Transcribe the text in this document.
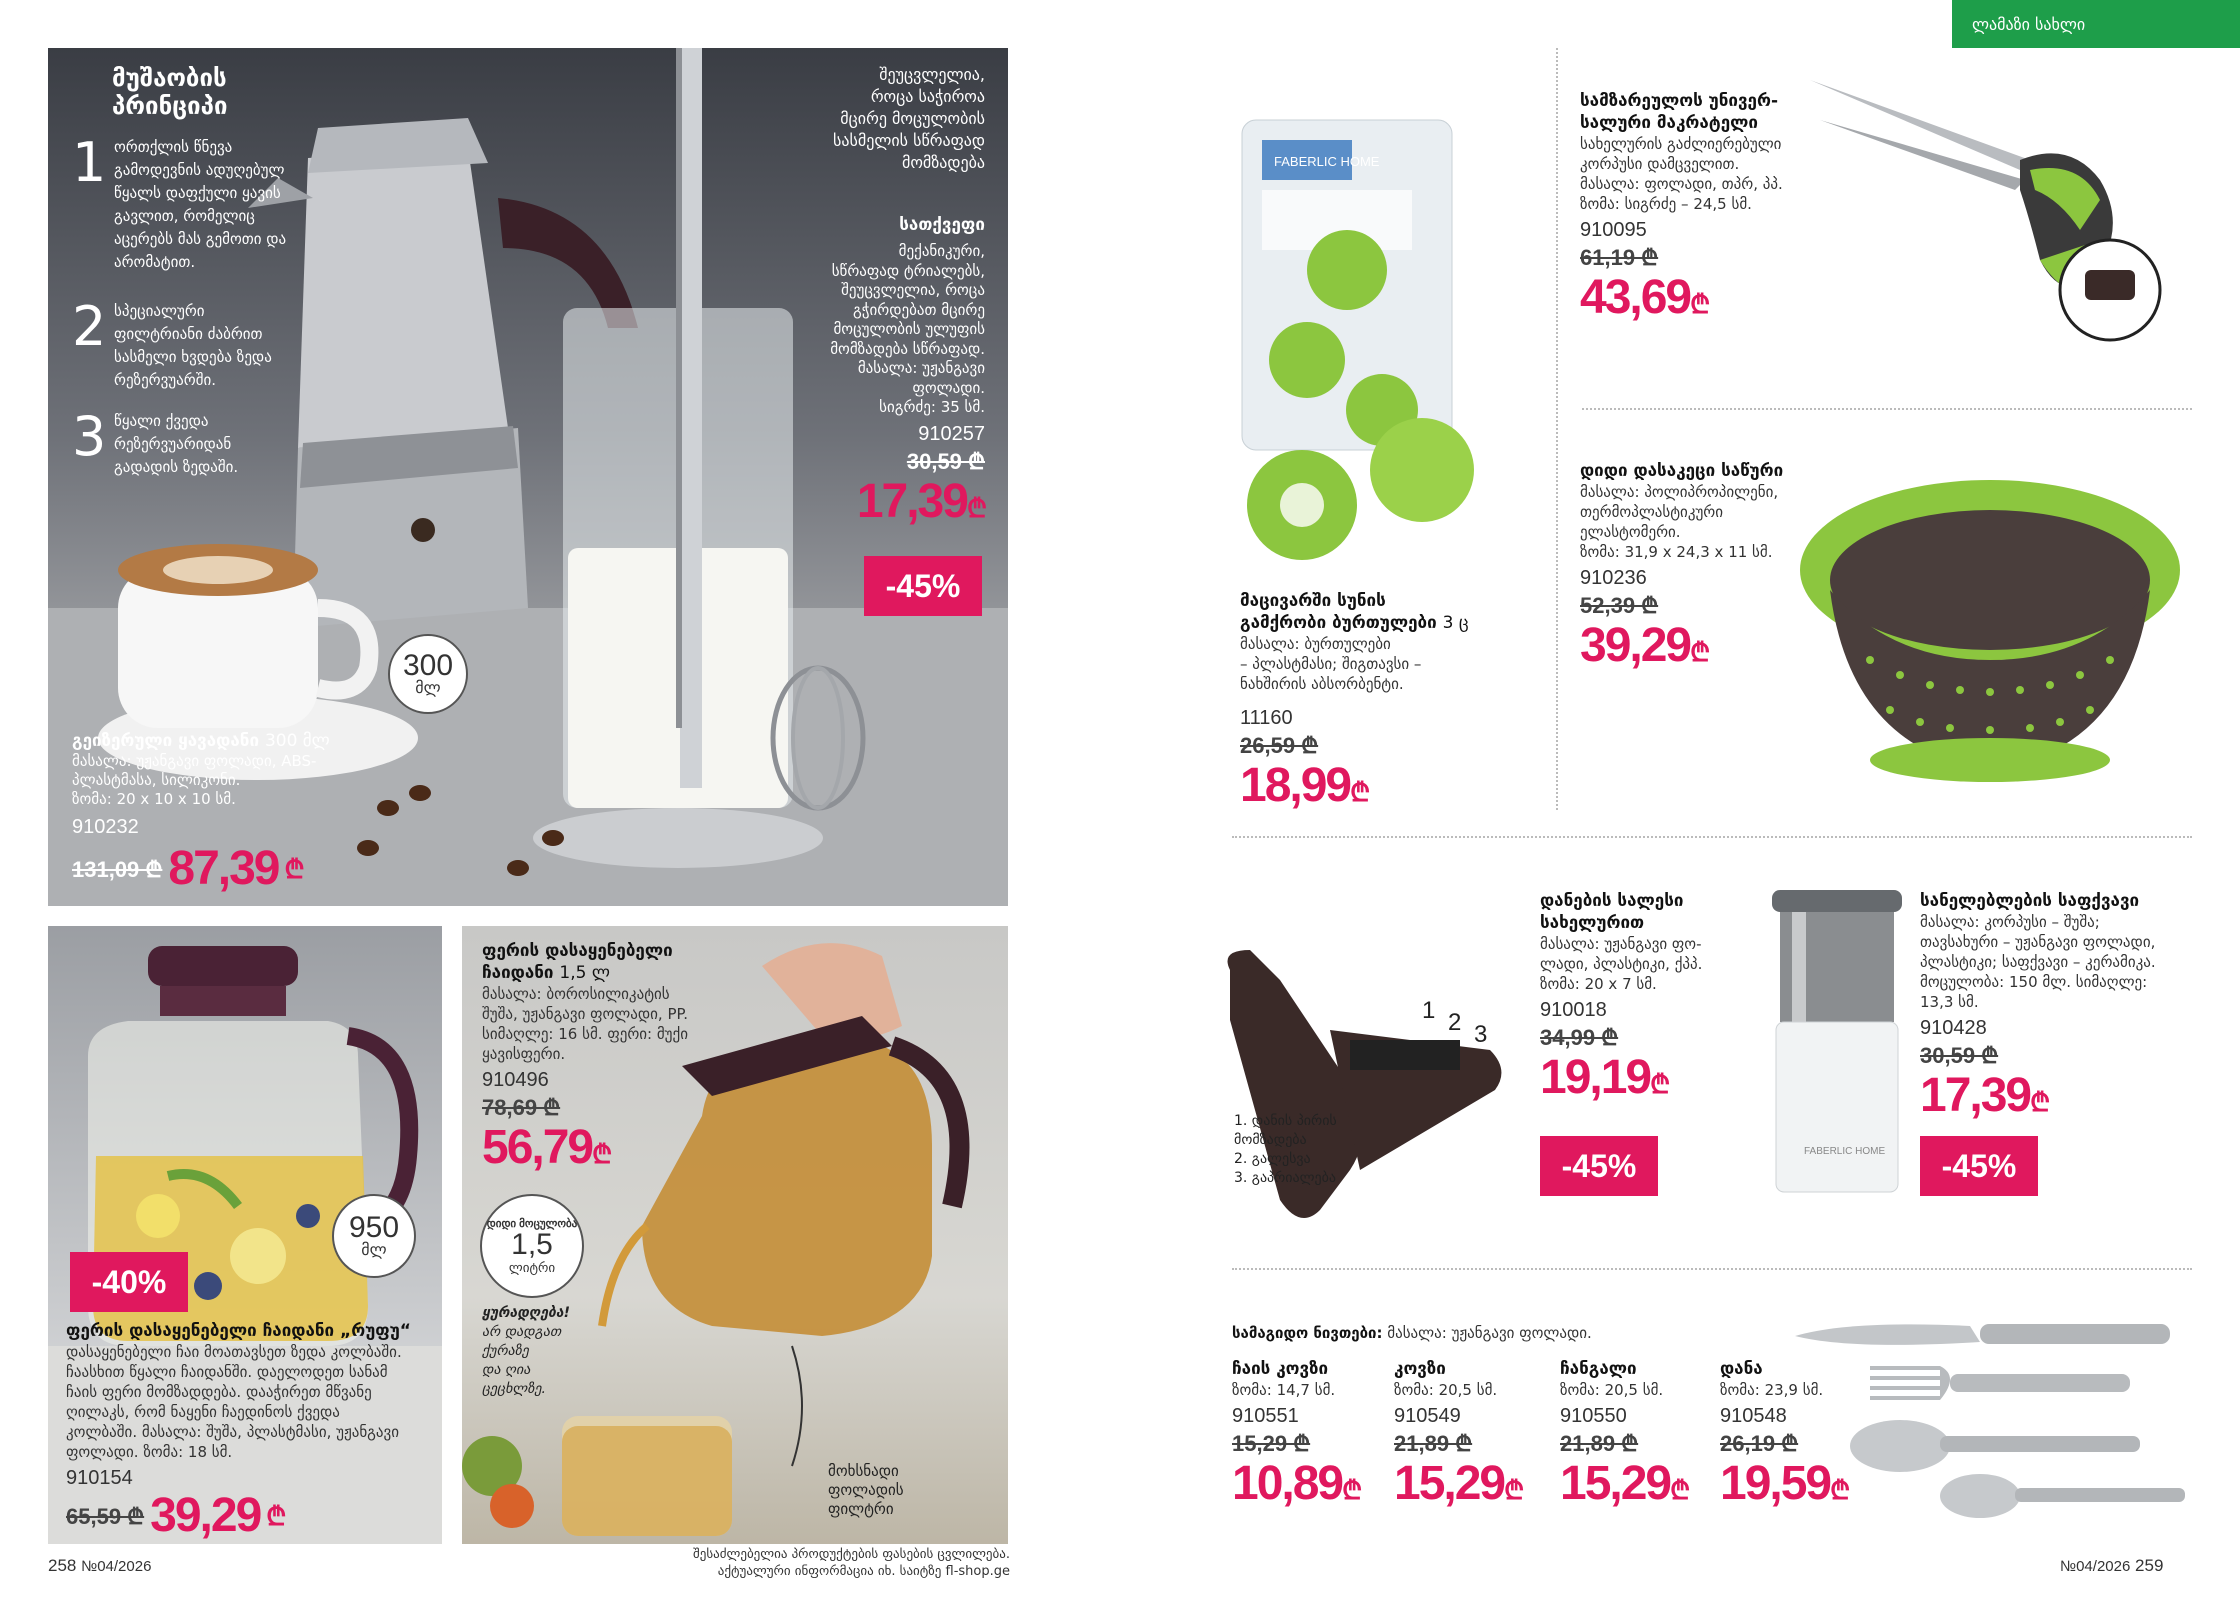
მუშაობის
პრინციპი
1 ორთქლის წნევა გამოდევნის ადუღებულ წყალს დაფქული ყავის გავლით, რომელიც აცერებს მას გემოთი და არომატით.
2 სპეციალური ფილტრიანი ძაბრით სასმელი ხვდება ზედა რეზერვუარში.
3 წყალი ქვედა რეზერვუარიდან გადადის ზედაში.
300
მლ
გეიზერული ყავადანი 300 მლ
მასალა: უჟანგავი ფოლადი, ABS-
პლასტმასა, სილიკონი.
ზომა: 20 x 10 x 10 სმ.
910232
131,09 ₾ 87,39 ₾
შეუცვლელია,
როცა საჭიროა
მცირე მოცულობის
სასმელის სწრაფად
მომზადება
სათქვეფი
მექანიკური,
სწრაფად ტრიალებს,
შეუცვლელია, როცა
გჭირდებათ მცირე
მოცულობის ულუფის
მომზადება სწრაფად.
მასალა: უჟანგავი
ფოლადი.
სიგრძე: 35 სმ.
910257
30,59 ₾
17,39₾
-45%
950
მლ
-40%
ფერის დასაყენებელი ჩაიდანი „რუფუ“
დასაყენებელი ჩაი მოათავსეთ ზედა კოლბაში.
ჩაასხით წყალი ჩაიდანში. დაელოდეთ სანამ
ჩაის ფერი მომზადდება. დააჭირეთ მწვანე
ღილაკს, რომ ნაყენი ჩაედინოს ქვედა
კოლბაში. მასალა: შუშა, პლასტმასი, უჟანგავი
ფოლადი. ზომა: 18 სმ.
910154
65,59 ₾ 39,29 ₾
ფერის დასაყენებელი
ჩაიდანი 1,5 ლ
მასალა: ბოროსილიკატის
შუშა, უჟანგავი ფოლადი, PP.
სიმაღლე: 16 სმ. ფერი: მუქი
ყავისფერი.
910496
78,69 ₾
56,79₾
დიდი მოცულობა
1,5
ლიტრი
ყურადღება!
არ დადგათ
ქურაზე
და ღია
ცეცხლზე.
მოხსნადი
ფოლადის
ფილტრი
258 №04/2026
შესაძლებელია პროდუქტების ფასების ცვლილება.
აქტუალური ინფორმაცია იხ. საიტზე fl-shop.ge
ლამაზი სახლი
FABERLIC HOME
მაცივარში სუნის
გამქრობი ბურთულები 3 ც
მასალა: ბურთულები
– პლასტმასი; შიგთავსი –
ნახშირის აბსორბენტი.
11160
26,59 ₾
18,99₾
სამზარეულოს უნივერ-
სალური მაკრატელი
სახელურის გაძლიერებული
კორპუსი დამცველით.
მასალა: ფოლადი, თპრ, პპ.
ზომა: სიგრძე – 24,5 სმ.
910095
61,19 ₾
43,69₾
დიდი დასაკეცი საწური
მასალა: პოლიპროპილენი,
თერმოპლასტიკური
ელასტომერი.
ზომა: 31,9 x 24,3 x 11 სმ.
910236
52,39 ₾
39,29₾
1 2 3
1. დანის პირის
მომზადება
2. გალესვა
3. გაპრიალება
დანების სალესი
სახელურით
მასალა: უჟანგავი ფო-
ლადი, პლასტიკი, ქპპ.
ზომა: 20 x 7 სმ.
910018
34,99 ₾
19,19₾
-45%	FABERLIC HOME
სანელებლების საფქვავი
მასალა: კორპუსი – შუშა;
თავსახური – უჟანგავი ფოლადი,
პლასტიკი; საფქვავი – კერამიკა.
მოცულობა: 150 მლ. სიმაღლე:
13,3 სმ.
910428
30,59 ₾
17,39₾
-45%
სამაგიდო ნივთები: მასალა: უჟანგავი ფოლადი.
ჩაის კოვზი
ზომა: 14,7 სმ.
910551
15,29 ₾
10,89₾
კოვზი
ზომა: 20,5 სმ.
910549
21,89 ₾
15,29₾
ჩანგალი
ზომა: 20,5 სმ.
910550
21,89 ₾
15,29₾
დანა
ზომა: 23,9 სმ.
910548
26,19 ₾
19,59₾
№04/2026 259
